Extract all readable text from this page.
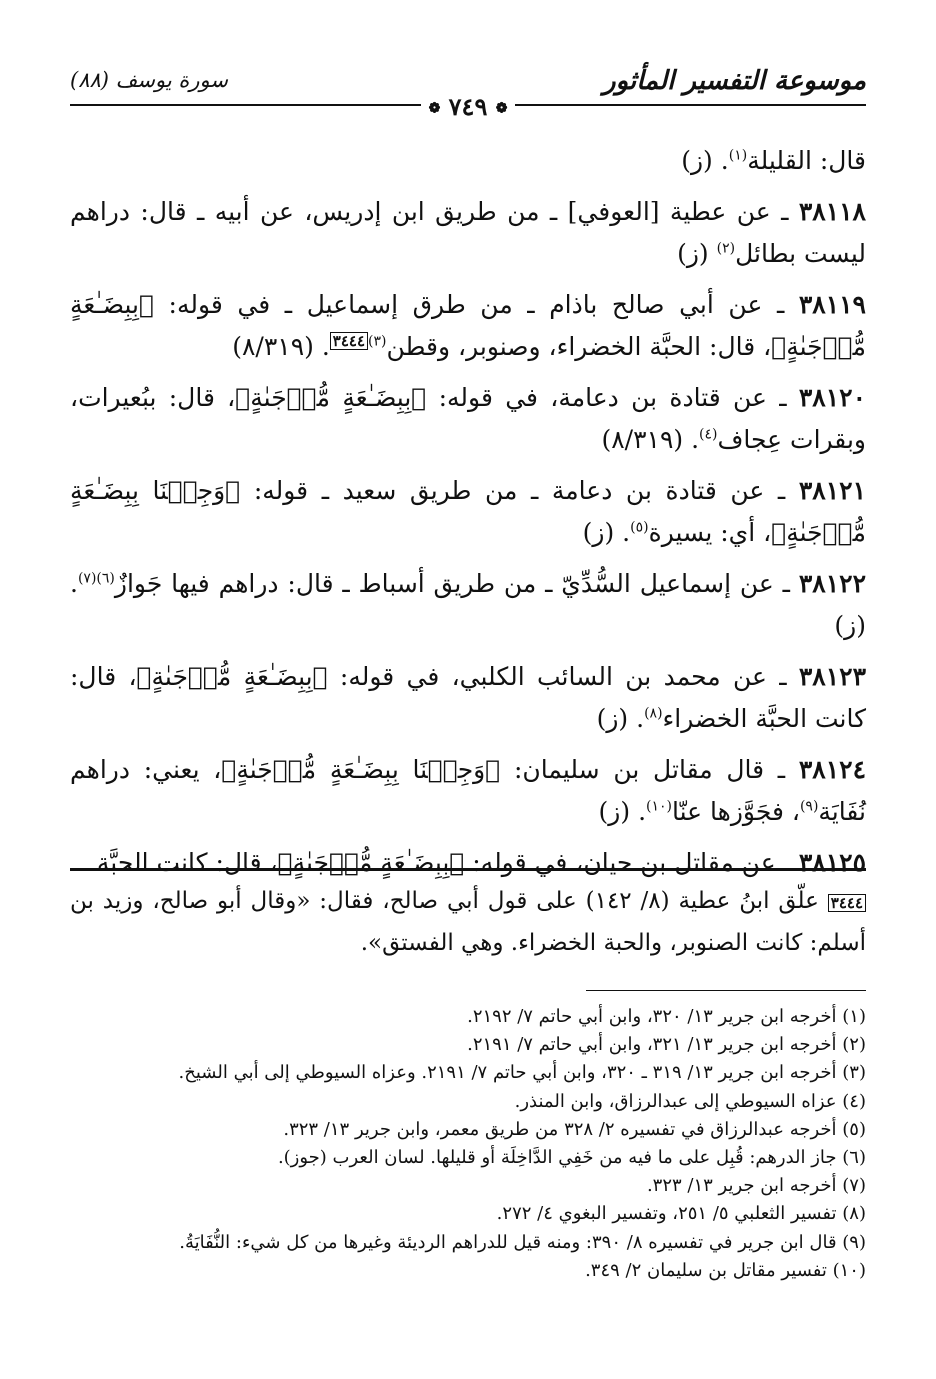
موسوعة التفسير المأثور
سورة يوسف (٨٨)
❁ ٧٤٩ ❁

قال: القليلة$^{(١)}$. (ز)

٣٨١١٨ ـ عن عطية [العوفي] ـ من طريق ابن إدريس، عن أبيه ـ قال: دراهم ليست بطائل$^{(٢)}$ (ز)

٣٨١١٩ ـ عن أبي صالح باذام ـ من طرق إسماعيل ـ في قوله: ﴿بِبِضَـٰعَةٍ مُّزۡجَىٰةٍ﴾، قال: الحبَّة الخضراء، وصنوبر، وقطن$^{(٣)}$٣٤٤٤. (٨/٣١٩)

٣٨١٢٠ ـ عن قتادة بن دعامة، في قوله: ﴿بِبِضَـٰعَةٍ مُّزۡجَىٰةٍ﴾، قال: ببُعيرات، وبقرات عِجاف$^{(٤)}$. (٨/٣١٩)

٣٨١٢١ ـ عن قتادة بن دعامة ـ من طريق سعيد ـ قوله: ﴿وَجِئۡنَا بِبِضَـٰعَةٍ مُّزۡجَىٰةٍ﴾، أي: يسيرة$^{(٥)}$. (ز)

٣٨١٢٢ ـ عن إسماعيل السُّدِّيّ ـ من طريق أسباط ـ قال: دراهم فيها جَوازٌ$^{(٦)(٧)}$. (ز)

٣٨١٢٣ ـ عن محمد بن السائب الكلبي، في قوله: ﴿بِبِضَـٰعَةٍ مُّزۡجَىٰةٍ﴾، قال: كانت الحبَّة الخضراء$^{(٨)}$. (ز)

٣٨١٢٤ ـ قال مقاتل بن سليمان: ﴿وَجِئۡنَا بِبِضَـٰعَةٍ مُّزۡجَىٰةٍ﴾، يعني: دراهم نُفَايَة$^{(٩)}$، فجَوَّزها عنّا$^{(١٠)}$. (ز)

٣٨١٢٥ ـ عن مقاتل بن حيان، في قوله: ﴿بِبِضَـٰعَةٍ مُّزۡجَىٰةٍ﴾، قال: كانت الحبَّة

٣٤٤٤ علّق ابنُ عطية (٨/ ١٤٢) على قول أبي صالح، فقال: «وقال أبو صالح، وزيد بن أسلم: كانت الصنوبر، والحبة الخضراء. وهي الفستق».
(١) أخرجه ابن جرير ١٣/ ٣٢٠، وابن أبي حاتم ٧/ ٢١٩٢.
(٢) أخرجه ابن جرير ١٣/ ٣٢١، وابن أبي حاتم ٧/ ٢١٩١.
(٣) أخرجه ابن جرير ١٣/ ٣١٩ ـ ٣٢٠، وابن أبي حاتم ٧/ ٢١٩١. وعزاه السيوطي إلى أبي الشيخ.
(٤) عزاه السيوطي إلى عبدالرزاق، وابن المنذر.
(٥) أخرجه عبدالرزاق في تفسيره ٢/ ٣٢٨ من طريق معمر، وابن جرير ١٣/ ٣٢٣.
(٦) جاز الدرهم: قُبِل على ما فيه من خَفِي الدَّاخِلَة أو قليلها. لسان العرب (جوز).
(٧) أخرجه ابن جرير ١٣/ ٣٢٣.
(٨) تفسير الثعلبي ٥/ ٢٥١، وتفسير البغوي ٤/ ٢٧٢.
(٩) قال ابن جرير في تفسيره ٨/ ٣٩٠: ومنه قيل للدراهم الرديئة وغيرها من كل شيء: النُّفَايَةُ.
(١٠) تفسير مقاتل بن سليمان ٢/ ٣٤٩.
